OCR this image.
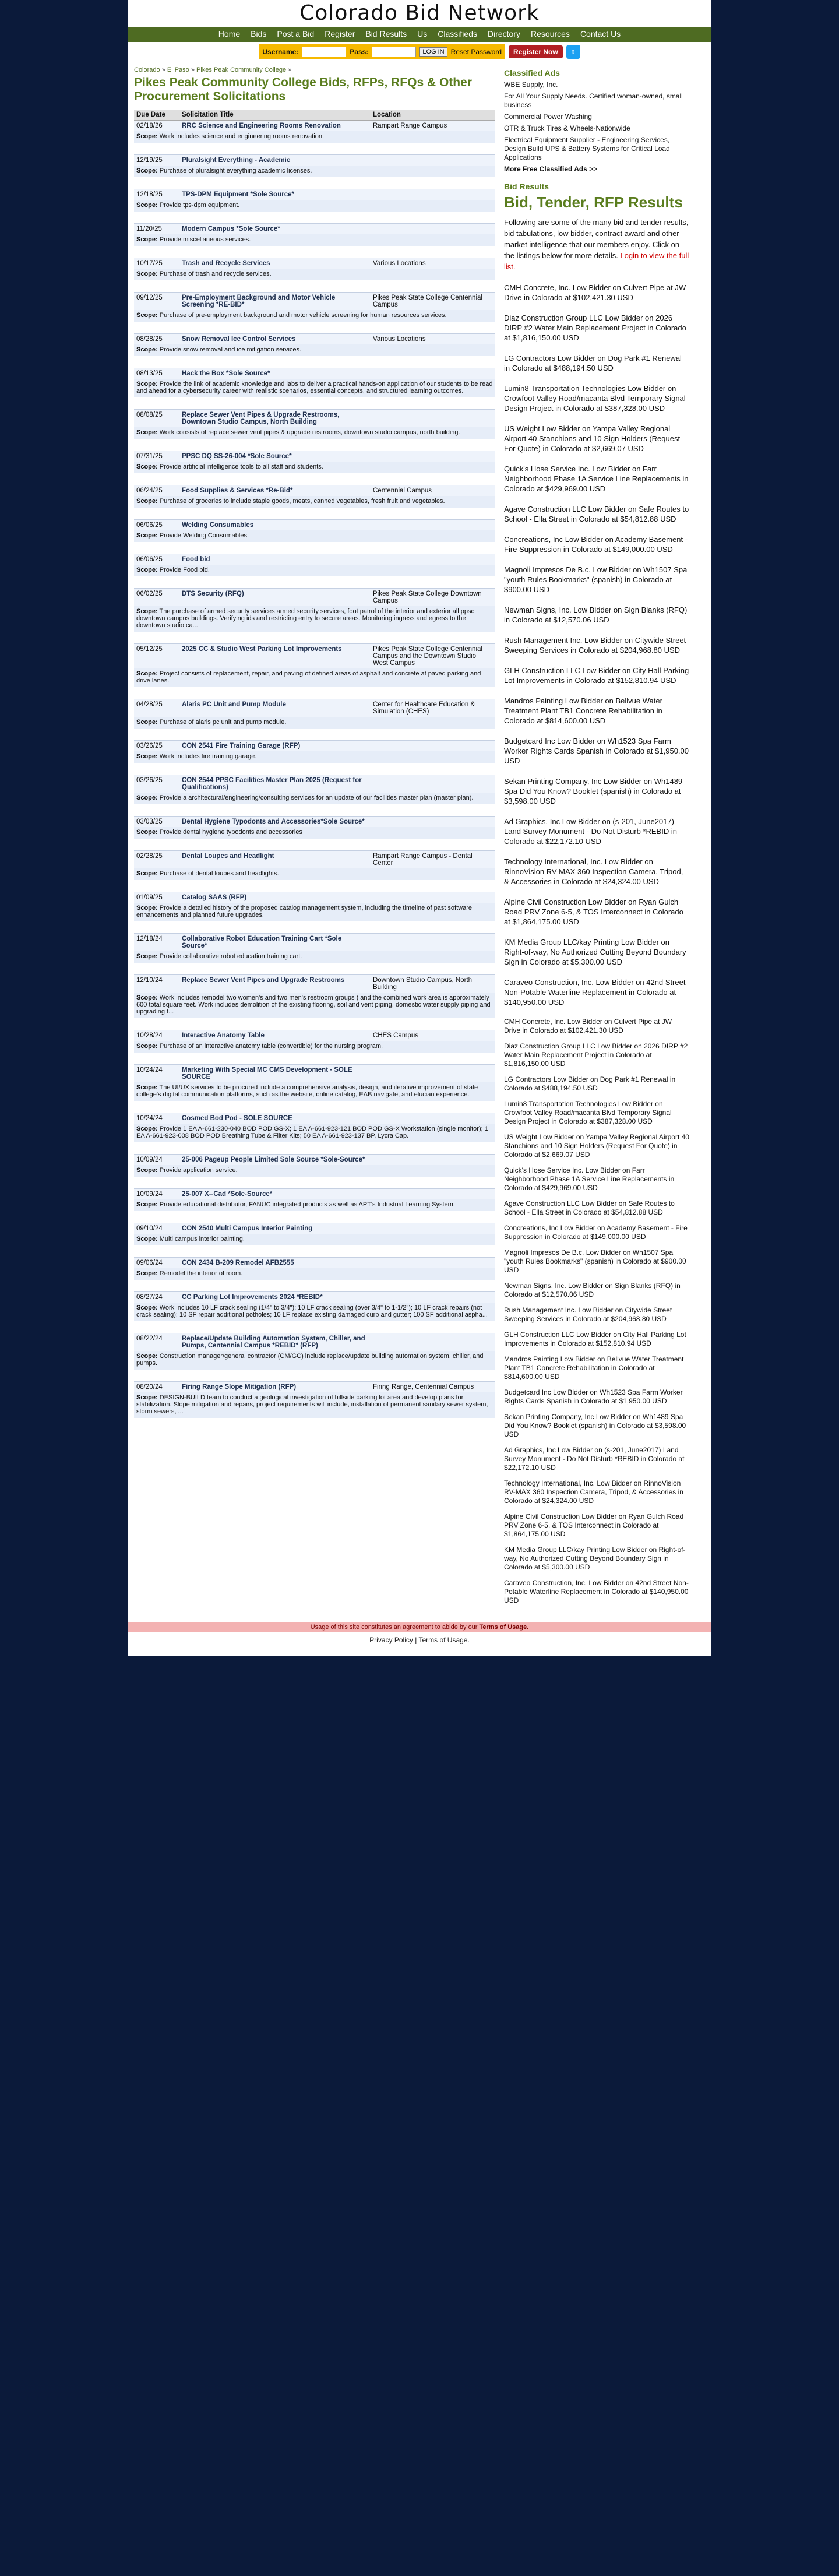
Colorado Bid Network
Home Bids Post a Bid Register Bid Results Us Classifieds Directory Resources Contact Us
Username:	Pass:	LOG IN Reset Password	Register Now	t
Colorado » El Paso » Pikes Peak Community College »
Pikes Peak Community College Bids, RFPs, RFQs & Other Procurement Solicitations
Due Date	Solicitation Title	Location
02/18/26	RRC Science and Engineering Rooms Renovation	Rampart Range Campus
Scope: Work includes science and engineering rooms renovation.		

12/19/25	Pluralsight Everything - Academic	
Scope: Purchase of pluralsight everything academic licenses.		

12/18/25	TPS-DPM Equipment *Sole Source*	
Scope: Provide tps-dpm equipment.		

11/20/25	Modern Campus *Sole Source*	
Scope: Provide miscellaneous services.		

10/17/25	Trash and Recycle Services	Various Locations
Scope: Purchase of trash and recycle services.		

09/12/25	Pre-Employment Background and Motor Vehicle Screening *RE-BID*	Pikes Peak State College Centennial Campus
Scope: Purchase of pre-employment background and motor vehicle screening for human resources services.		

08/28/25	Snow Removal Ice Control Services	Various Locations
Scope: Provide snow removal and ice mitigation services.		

08/13/25	Hack the Box *Sole Source*	
Scope: Provide the link of academic knowledge and labs to deliver a practical hands-on application of our students to be read and ahead for a cybersecurity career with realistic scenarios, essential concepts, and structured learning outcomes.		

08/08/25	Replace Sewer Vent Pipes & Upgrade Restrooms, Downtown Studio Campus, North Building	
Scope: Work consists of replace sewer vent pipes & upgrade restrooms, downtown studio campus, north building.		

07/31/25	PPSC DQ SS-26-004 *Sole Source*	
Scope: Provide artificial intelligence tools to all staff and students.		

06/24/25	Food Supplies & Services *Re-Bid*	Centennial Campus
Scope: Purchase of groceries to include staple goods, meats, canned vegetables, fresh fruit and vegetables.		

06/06/25	Welding Consumables	
Scope: Provide Welding Consumables.		

06/06/25	Food bid	
Scope: Provide Food bid.		

06/02/25	DTS Security (RFQ)	Pikes Peak State College Downtown Campus
Scope: The purchase of armed security services armed security services, foot patrol of the interior and exterior all ppsc downtown campus buildings. Verifying ids and restricting entry to secure areas. Monitoring ingress and egress to the downtown studio ca...		

05/12/25	2025 CC & Studio West Parking Lot Improvements	Pikes Peak State College Centennial Campus and the Downtown Studio West Campus
Scope: Project consists of replacement, repair, and paving of defined areas of asphalt and concrete at paved parking and drive lanes.		

04/28/25	Alaris PC Unit and Pump Module	Center for Healthcare Education & Simulation (CHES)
Scope: Purchase of alaris pc unit and pump module.		

03/26/25	CON 2541 Fire Training Garage (RFP)	
Scope: Work includes fire training garage.		

03/26/25	CON 2544 PPSC Facilities Master Plan 2025 (Request for Qualifications)	
Scope: Provide a architectural/engineering/consulting services for an update of our facilities master plan (master plan).		

03/03/25	Dental Hygiene Typodonts and Accessories*Sole Source*	
Scope: Provide dental hygiene typodonts and accessories		

02/28/25	Dental Loupes and Headlight	Rampart Range Campus - Dental Center
Scope: Purchase of dental loupes and headlights.		

01/09/25	Catalog SAAS (RFP)	
Scope: Provide a detailed history of the proposed catalog management system, including the timeline of past software enhancements and planned future upgrades.		

12/18/24	Collaborative Robot Education Training Cart *Sole Source*	
Scope: Provide collaborative robot education training cart.		

12/10/24	Replace Sewer Vent Pipes and Upgrade Restrooms	Downtown Studio Campus, North Building
Scope: Work includes remodel two women's and two men's restroom groups ) and the combined work area is approximately 600 total square feet. Work includes demolition of the existing flooring, soil and vent piping, domestic water supply piping and upgrading t...		

10/28/24	Interactive Anatomy Table	CHES Campus
Scope: Purchase of an interactive anatomy table (convertible) for the nursing program.		

10/24/24	Marketing With Special MC CMS Development - SOLE SOURCE	
Scope: The UI/UX services to be procured include a comprehensive analysis, design, and iterative improvement of state college's digital communication platforms, such as the website, online catalog, EAB navigate, and elucian experience.		

10/24/24	Cosmed Bod Pod - SOLE SOURCE	
Scope: Provide 1 EA A-661-230-040 BOD POD GS-X; 1 EA A-661-923-121 BOD POD GS-X Workstation (single monitor); 1 EA A-661-923-008 BOD POD Breathing Tube & Filter Kits; 50 EA A-661-923-137 BP, Lycra Cap.		

10/09/24	25-006 Pageup People Limited Sole Source *Sole-Source*	
Scope: Provide application service.		

10/09/24	25-007 X--Cad *Sole-Source*	
Scope: Provide educational distributor, FANUC integrated products as well as APT's Industrial Learning System.		

09/10/24	CON 2540 Multi Campus Interior Painting	
Scope: Multi campus interior painting.		

09/06/24	CON 2434 B-209 Remodel AFB2555	
Scope: Remodel the interior of room.		

08/27/24	CC Parking Lot Improvements 2024 *REBID*	
Scope: Work includes 10 LF crack sealing (1/4" to 3/4"); 10 LF crack sealing (over 3/4" to 1-1/2"); 10 LF crack repairs (not crack sealing); 10 SF repair additional potholes; 10 LF replace existing damaged curb and gutter; 100 SF additional aspha...		

08/22/24	Replace/Update Building Automation System, Chiller, and Pumps, Centennial Campus *REBID* (RFP)	
Scope: Construction manager/general contractor (CM/GC) include replace/update building automation system, chiller, and pumps.		

08/20/24	Firing Range Slope Mitigation (RFP)	Firing Range, Centennial Campus
Scope: DESIGN-BUILD team to conduct a geological investigation of hillside parking lot area and develop plans for stabilization. Slope mitigation and repairs, project requirements will include, installation of permanent sanitary sewer system, storm sewers, ...		

Classified Ads
WBE Supply, Inc.
For All Your Supply Needs. Certified woman-owned, small business
Commercial Power Washing
OTR & Truck Tires & Wheels-Nationwide
Electrical Equipment Supplier - Engineering Services, Design Build UPS & Battery Systems for Critical Load Applications
More Free Classified Ads >>
Bid Results
Bid, Tender, RFP Results
Following are some of the many bid and tender results, bid tabulations, low bidder, contract award and other market intelligence that our members enjoy. Click on the listings below for more details. Login to view the full list.
CMH Concrete, Inc. Low Bidder on Culvert Pipe at JW Drive in Colorado at $102,421.30 USD
Diaz Construction Group LLC Low Bidder on 2026 DIRP #2 Water Main Replacement Project in Colorado at $1,816,150.00 USD
LG Contractors Low Bidder on Dog Park #1 Renewal in Colorado at $488,194.50 USD
Lumin8 Transportation Technologies Low Bidder on Crowfoot Valley Road/macanta Blvd Temporary Signal Design Project in Colorado at $387,328.00 USD
US Weight Low Bidder on Yampa Valley Regional Airport 40 Stanchions and 10 Sign Holders (Request For Quote) in Colorado at $2,669.07 USD
Quick's Hose Service Inc. Low Bidder on Farr Neighborhood Phase 1A Service Line Replacements in Colorado at $429,969.00 USD
Agave Construction LLC Low Bidder on Safe Routes to School - Ella Street in Colorado at $54,812.88 USD
Concreations, Inc Low Bidder on Academy Basement - Fire Suppression in Colorado at $149,000.00 USD
Magnoli Impresos De B.c. Low Bidder on Wh1507 Spa "youth Rules Bookmarks" (spanish) in Colorado at $900.00 USD
Newman Signs, Inc. Low Bidder on Sign Blanks (RFQ) in Colorado at $12,570.06 USD
Rush Management Inc. Low Bidder on Citywide Street Sweeping Services in Colorado at $204,968.80 USD
GLH Construction LLC Low Bidder on City Hall Parking Lot Improvements in Colorado at $152,810.94 USD
Mandros Painting Low Bidder on Bellvue Water Treatment Plant TB1 Concrete Rehabilitation in Colorado at $814,600.00 USD
Budgetcard Inc Low Bidder on Wh1523 Spa Farm Worker Rights Cards Spanish in Colorado at $1,950.00 USD
Sekan Printing Company, Inc Low Bidder on Wh1489 Spa Did You Know? Booklet (spanish) in Colorado at $3,598.00 USD
Ad Graphics, Inc Low Bidder on (s-201, June2017) Land Survey Monument - Do Not Disturb *REBID in Colorado at $22,172.10 USD
Technology International, Inc. Low Bidder on RinnoVision RV-MAX 360 Inspection Camera, Tripod, & Accessories in Colorado at $24,324.00 USD
Alpine Civil Construction Low Bidder on Ryan Gulch Road PRV Zone 6-5, & TOS Interconnect in Colorado at $1,864,175.00 USD
KM Media Group LLC/kay Printing Low Bidder on Right-of-way, No Authorized Cutting Beyond Boundary Sign in Colorado at $5,300.00 USD
Caraveo Construction, Inc. Low Bidder on 42nd Street Non-Potable Waterline Replacement in Colorado at $140,950.00 USD
CMH Concrete, Inc. Low Bidder on Culvert Pipe at JW Drive in Colorado at $102,421.30 USD
Diaz Construction Group LLC Low Bidder on 2026 DIRP #2 Water Main Replacement Project in Colorado at $1,816,150.00 USD
LG Contractors Low Bidder on Dog Park #1 Renewal in Colorado at $488,194.50 USD
Lumin8 Transportation Technologies Low Bidder on Crowfoot Valley Road/macanta Blvd Temporary Signal Design Project in Colorado at $387,328.00 USD
US Weight Low Bidder on Yampa Valley Regional Airport 40 Stanchions and 10 Sign Holders (Request For Quote) in Colorado at $2,669.07 USD
Quick's Hose Service Inc. Low Bidder on Farr Neighborhood Phase 1A Service Line Replacements in Colorado at $429,969.00 USD
Agave Construction LLC Low Bidder on Safe Routes to School - Ella Street in Colorado at $54,812.88 USD
Concreations, Inc Low Bidder on Academy Basement - Fire Suppression in Colorado at $149,000.00 USD
Magnoli Impresos De B.c. Low Bidder on Wh1507 Spa "youth Rules Bookmarks" (spanish) in Colorado at $900.00 USD
Newman Signs, Inc. Low Bidder on Sign Blanks (RFQ) in Colorado at $12,570.06 USD
Rush Management Inc. Low Bidder on Citywide Street Sweeping Services in Colorado at $204,968.80 USD
GLH Construction LLC Low Bidder on City Hall Parking Lot Improvements in Colorado at $152,810.94 USD
Mandros Painting Low Bidder on Bellvue Water Treatment Plant TB1 Concrete Rehabilitation in Colorado at $814,600.00 USD
Budgetcard Inc Low Bidder on Wh1523 Spa Farm Worker Rights Cards Spanish in Colorado at $1,950.00 USD
Sekan Printing Company, Inc Low Bidder on Wh1489 Spa Did You Know? Booklet (spanish) in Colorado at $3,598.00 USD
Ad Graphics, Inc Low Bidder on (s-201, June2017) Land Survey Monument - Do Not Disturb *REBID in Colorado at $22,172.10 USD
Technology International, Inc. Low Bidder on RinnoVision RV-MAX 360 Inspection Camera, Tripod, & Accessories in Colorado at $24,324.00 USD
Alpine Civil Construction Low Bidder on Ryan Gulch Road PRV Zone 6-5, & TOS Interconnect in Colorado at $1,864,175.00 USD
KM Media Group LLC/kay Printing Low Bidder on Right-of-way, No Authorized Cutting Beyond Boundary Sign in Colorado at $5,300.00 USD
Caraveo Construction, Inc. Low Bidder on 42nd Street Non-Potable Waterline Replacement in Colorado at $140,950.00 USD
Usage of this site constitutes an agreement to abide by our Terms of Usage.
Privacy Policy | Terms of Usage.
